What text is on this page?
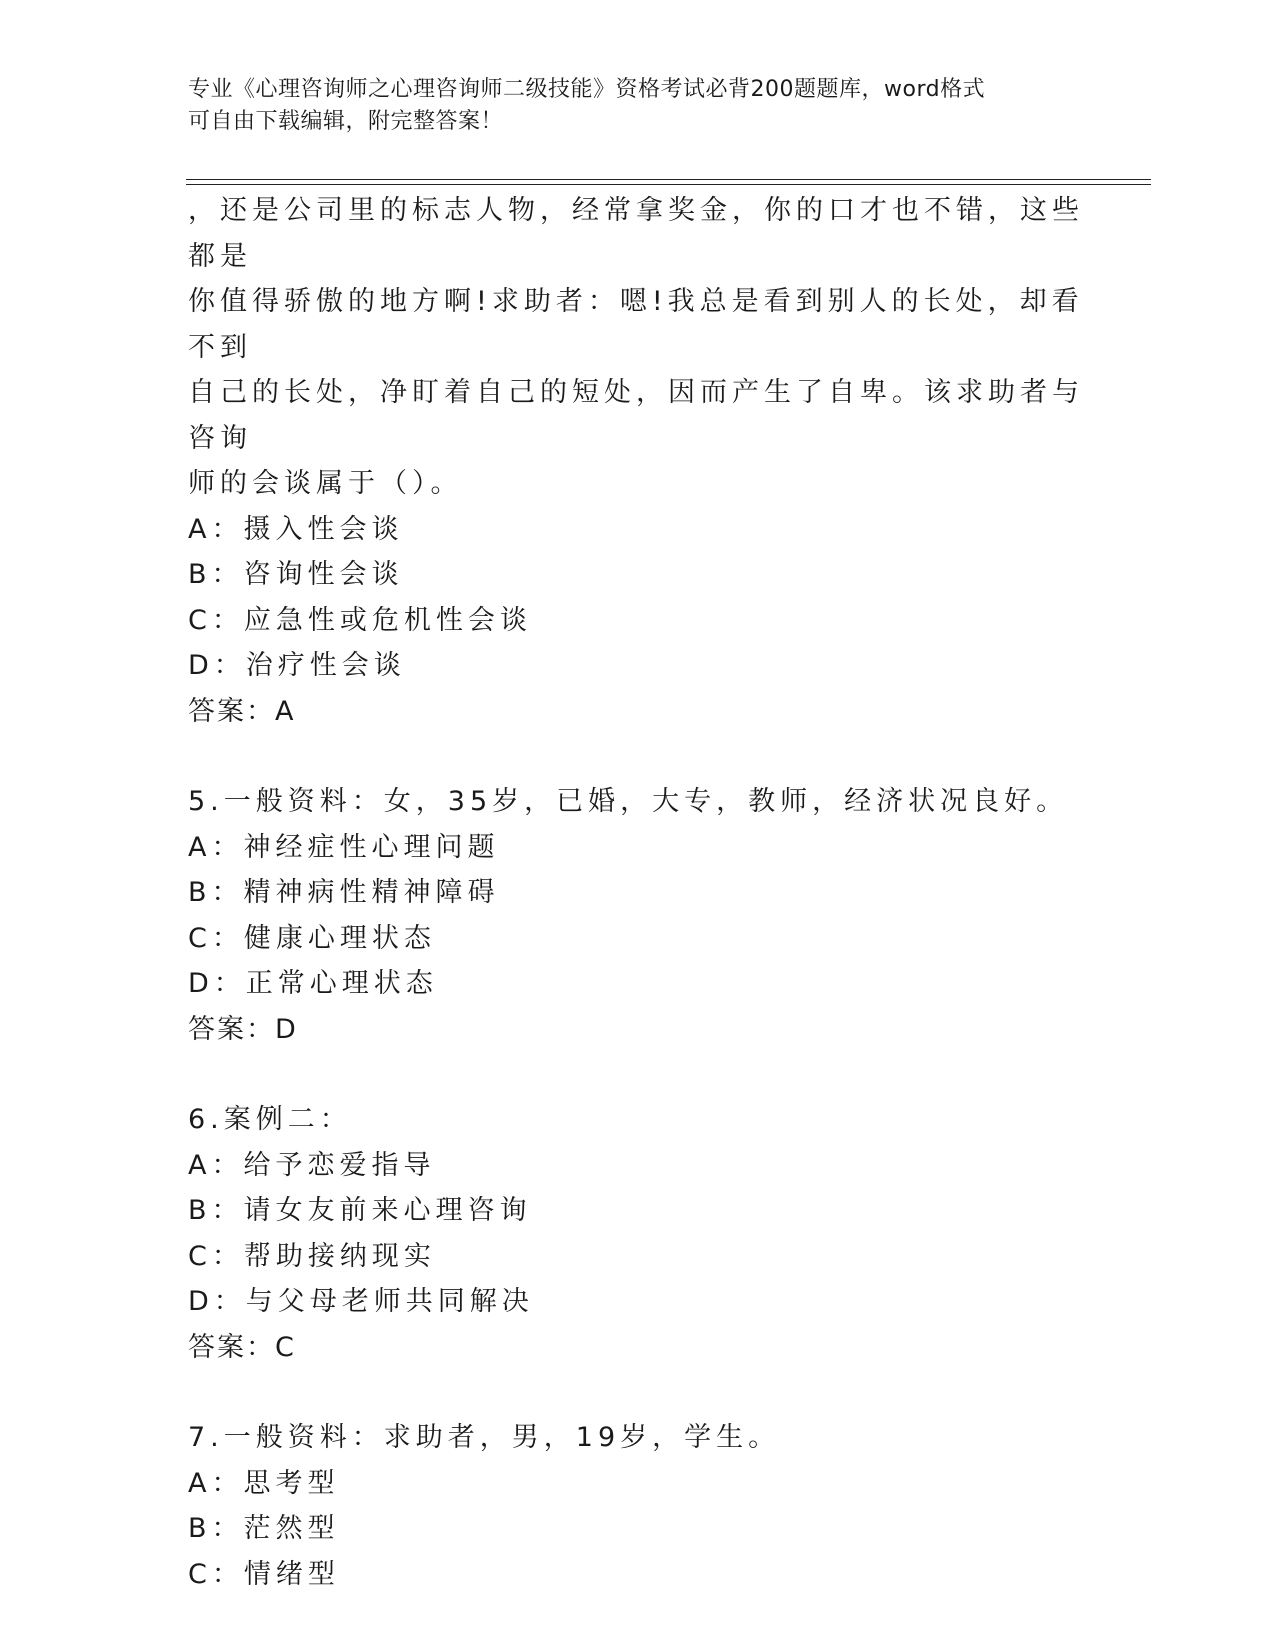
专业《心理咨询师之心理咨询师二级技能》资格考试必背200题题库，word格式
可自由下载编辑，附完整答案！

，还是公司里的标志人物，经常拿奖金，你的口才也不错，这些都是

你值得骄傲的地方啊!求助者：嗯!我总是看到别人的长处，却看不到

自己的长处，净盯着自己的短处，因而产生了自卑。该求助者与咨询

师的会谈属于（）。

A：摄入性会谈

B：咨询性会谈

C：应急性或危机性会谈

D：治疗性会谈

答案：A

5.一般资料：女，35岁，已婚，大专，教师，经济状况良好。

A：神经症性心理问题

B：精神病性精神障碍

C：健康心理状态

D：正常心理状态

答案：D

6.案例二：

A：给予恋爱指导

B：请女友前来心理咨询

C：帮助接纳现实

D：与父母老师共同解决

答案：C

7.一般资料：求助者，男，19岁，学生。

A：思考型

B：茫然型

C：情绪型
